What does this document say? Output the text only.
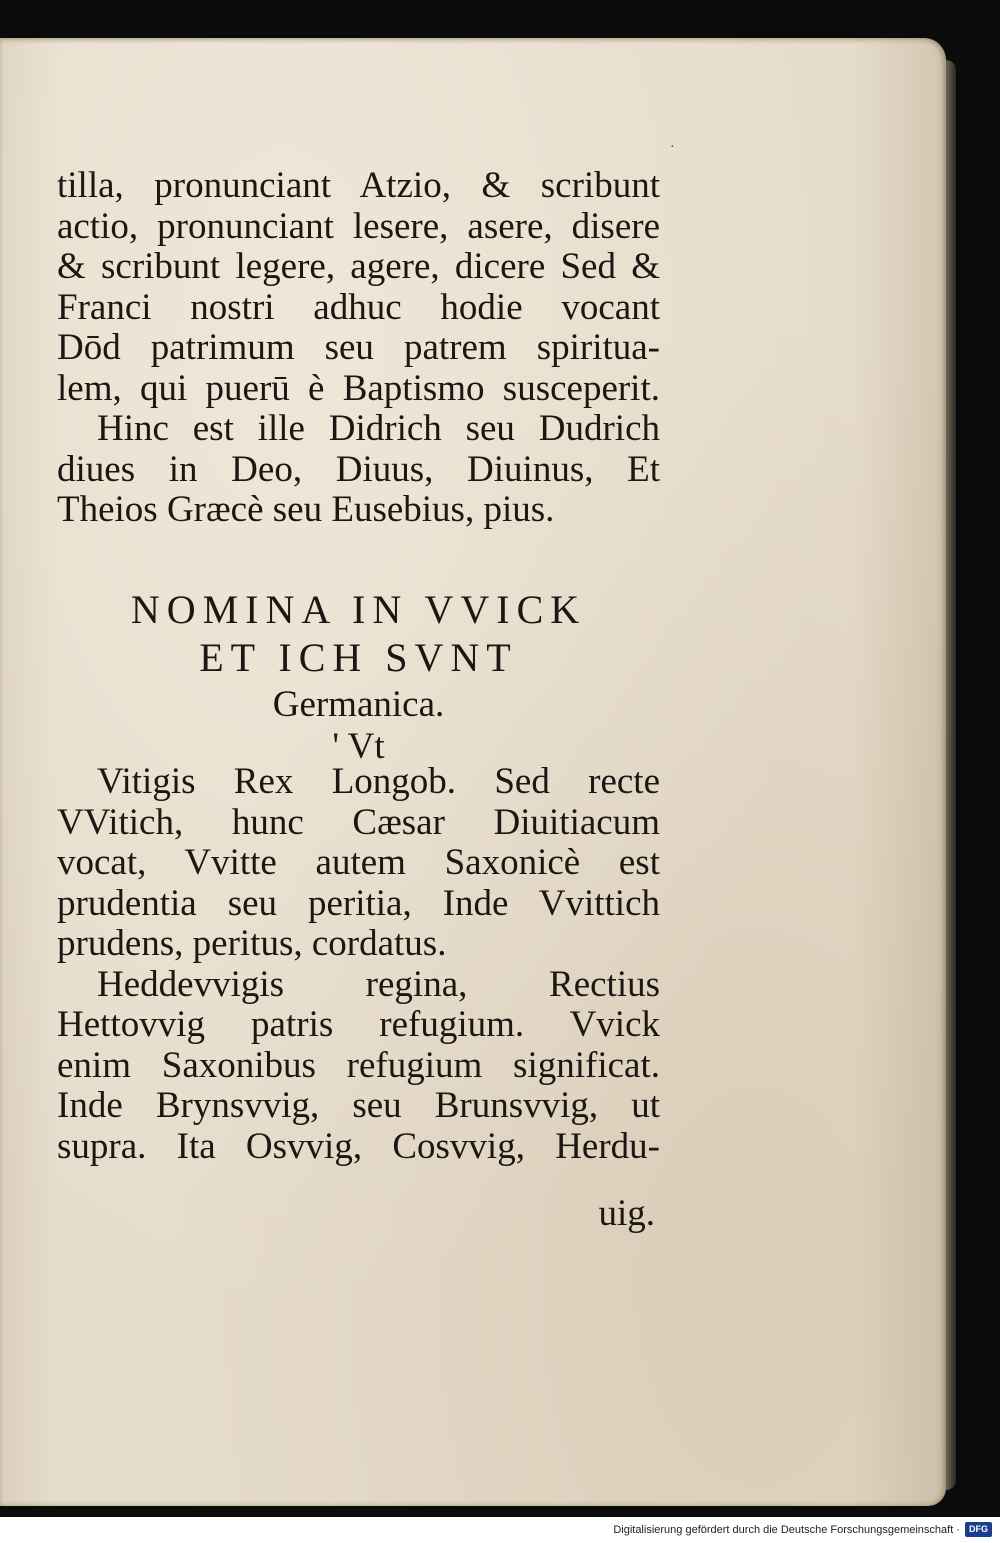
·
tilla, pronunciant Atzio, & scribunt
actio, pronunciant lesere, asere, disere
& scribunt legere, agere, dicere Sed &
Franci nostri adhuc hodie vocant
Dōd patrimum seu patrem spiritua-
lem, qui puerū è Baptismo susceperit.
Hinc est ille Didrich seu Dudrich
diues in Deo, Diuus, Diuinus, Et
Theios Græcè seu Eusebius, pius.
NOMINA IN VVICK
ET ICH SVNT
Germanica.
' Vt
Vitigis Rex Longob. Sed recte
VVitich, hunc Cæsar Diuitiacum
vocat, Vvitte autem Saxonicè est
prudentia seu peritia, Inde Vvittich
prudens, peritus, cordatus.
Heddevvigis regina, Rectius
Hettovvig patris refugium. Vvick
enim Saxonibus refugium significat.
Inde Brynsvvig, seu Brunsvvig, ut
supra. Ita Osvvig, Cosvvig, Herdu-
uig.
Digitalisierung gefördert durch die Deutsche Forschungsgemeinschaft ·	DFG
